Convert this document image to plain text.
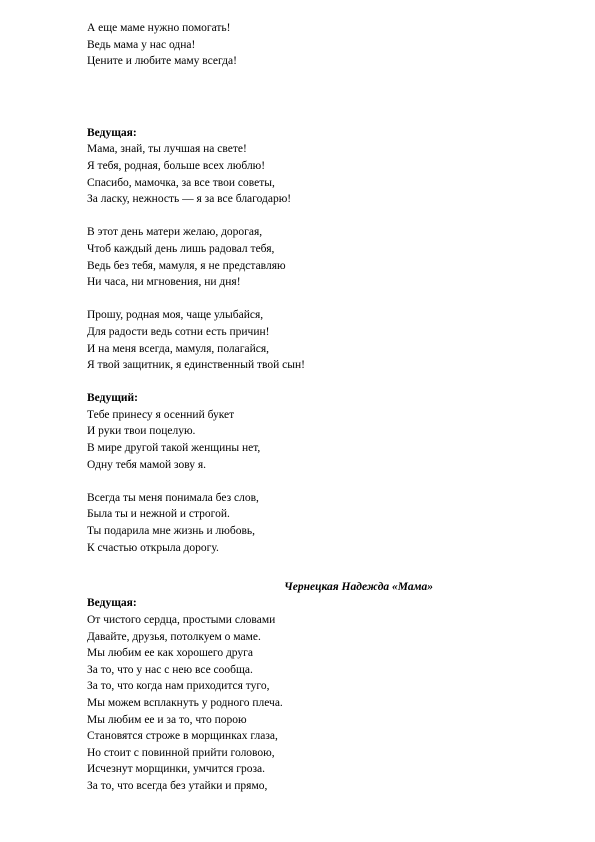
А еще маме нужно помогать!
Ведь мама у нас одна!
Цените и любите маму всегда!
Ведущая:
Мама, знай, ты лучшая на свете!
Я тебя, родная, больше всех люблю!
Спасибо, мамочка, за все твои советы,
За ласку, нежность — я за все благодарю!
В этот день матери желаю, дорогая,
Чтоб каждый день лишь радовал тебя,
Ведь без тебя, мамуля, я не представляю
Ни часа, ни мгновения, ни дня!
Прошу, родная моя, чаще улыбайся,
Для радости ведь сотни есть причин!
И на меня всегда, мамуля, полагайся,
Я твой защитник, я единственный твой сын!
Ведущий:
Тебе принесу я осенний букет
И руки твои поцелую.
В мире другой такой женщины нет,
Одну тебя мамой зову я.
Всегда ты меня понимала без слов,
Была ты и нежной и строгой.
Ты подарила мне жизнь и любовь,
К счастью открыла дорогу.
Чернецкая Надежда «Мама»
Ведущая:
От чистого сердца, простыми словами
Давайте, друзья, потолкуем о маме.
Мы любим ее как хорошего друга
За то, что у нас с нею все сообща.
За то, что когда нам приходится туго,
Мы можем всплакнуть у родного плеча.
Мы любим ее и за то, что порою
Становятся строже в морщинках глаза,
Но стоит с повинной прийти головою,
Исчезнут морщинки, умчится гроза.
За то, что всегда без утайки и прямо,
